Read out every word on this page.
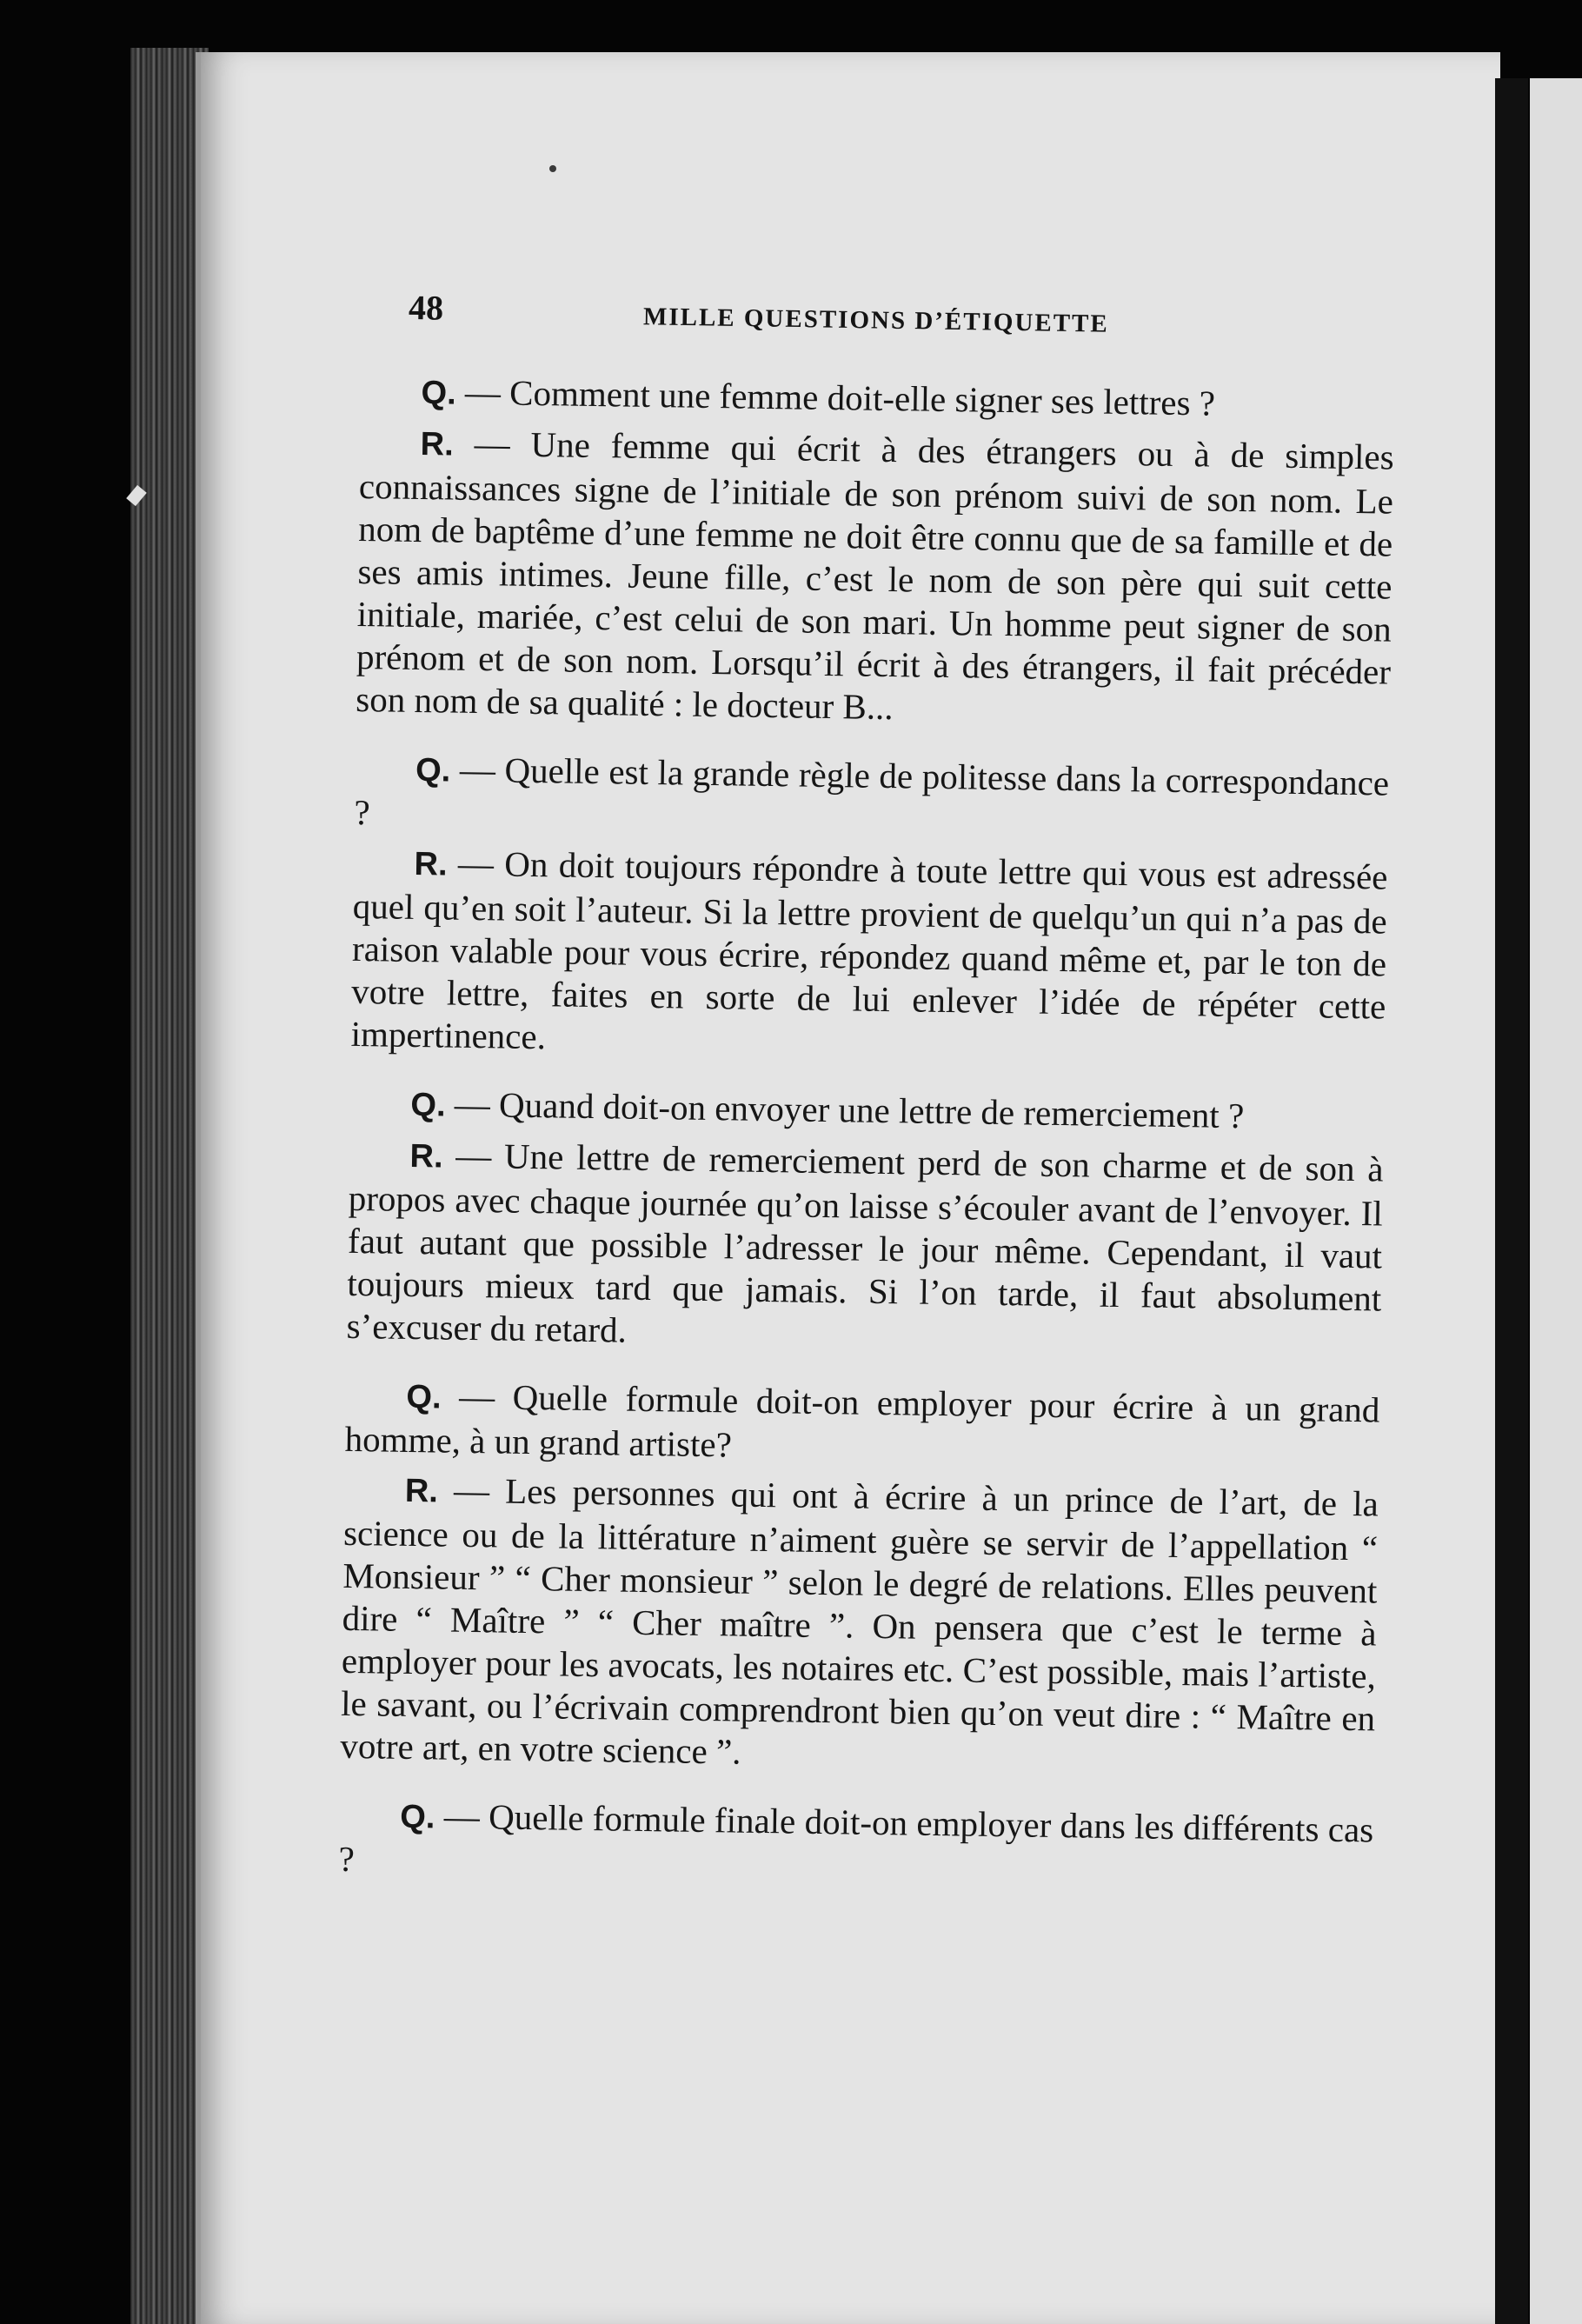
48	MILLE QUESTIONS D’ÉTIQUETTE

Q. — Comment une femme doit-elle signer ses lettres ?

R. — Une femme qui écrit à des étrangers ou à de simples connaissances signe de l’initiale de son prénom suivi de son nom. Le nom de baptême d’une femme ne doit être connu que de sa famille et de ses amis intimes. Jeune fille, c’est le nom de son père qui suit cette initiale, mariée, c’est celui de son mari. Un homme peut signer de son prénom et de son nom. Lorsqu’il écrit à des étrangers, il fait précéder son nom de sa qualité : le docteur B...

Q. — Quelle est la grande règle de politesse dans la correspondance ?

R. — On doit toujours répondre à toute lettre qui vous est adressée quel qu’en soit l’auteur. Si la lettre provient de quelqu’un qui n’a pas de raison valable pour vous écrire, répondez quand même et, par le ton de votre lettre, faites en sorte de lui enlever l’idée de répéter cette impertinence.

Q. — Quand doit-on envoyer une lettre de remerciement ?

R. — Une lettre de remerciement perd de son charme et de son à propos avec chaque journée qu’on laisse s’écouler avant de l’envoyer. Il faut autant que possible l’adresser le jour même. Cependant, il vaut toujours mieux tard que jamais. Si l’on tarde, il faut absolument s’excuser du retard.

Q. — Quelle formule doit-on employer pour écrire à un grand homme, à un grand artiste?

R. — Les personnes qui ont à écrire à un prince de l’art, de la science ou de la littérature n’aiment guère se servir de l’appellation “ Monsieur ” “ Cher monsieur ” selon le degré de relations. Elles peuvent dire “ Maître ” “ Cher maître ”. On pensera que c’est le terme à employer pour les avocats, les notaires etc. C’est possible, mais l’artiste, le savant, ou l’écrivain comprendront bien qu’on veut dire : “ Maître en votre art, en votre science ”.

Q. — Quelle formule finale doit-on employer dans les différents cas ?
